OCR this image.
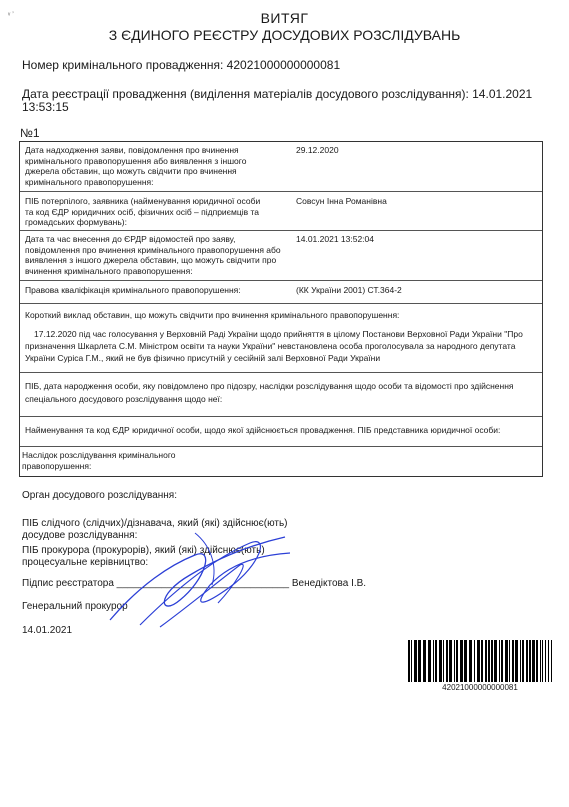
ᵛ ʼ	ВИТЯГ
З ЄДИНОГО РЕЄСТРУ ДОСУДОВИХ РОЗСЛІДУВАНЬ
Номер кримінального провадження: 42021000000000081
Дата реєстрації провадження (виділення матеріалів досудового розслідування): 14.01.2021
13:53:15
№1
Дата надходження заяви, повідомлення про вчинення
кримінального правопорушення або виявлення з іншого
джерела обставин, що можуть свідчити про вчинення
кримінального правопорушення:
29.12.2020
ПІБ потерпілого, заявника (найменування юридичної особи
та код ЄДР юридичних осіб, фізичних осіб – підприємців та
громадських формувань):
Совсун Інна Романівна
Дата та час внесення до ЄРДР відомостей про заяву,
повідомлення про вчинення кримінального правопорушення або
виявлення з іншого джерела обставин, що можуть свідчити про
вчинення кримінального правопорушення:
14.01.2021 13:52:04
Правова кваліфікація кримінального правопорушення:	(КК України 2001) СТ.364-2
Короткий виклад обставин, що можуть свідчити про вчинення кримінального правопорушення:
17.12.2020 під час голосування у Верховній Раді України щодо прийняття в цілому Постанови Верховної Ради України "Про
призначення Шкарлета С.М. Міністром освіти та науки України" невстановлена особа проголосувала за народного депутата
України Суріса Г.М., який не був фізично присутній у сесійній залі Верховної Ради України
ПІБ, дата народження особи, яку повідомлено про підозру, наслідки розслідування щодо особи та відомості про здійснення
спеціального досудового розслідування щодо неї:
Найменування та код ЄДР юридичної особи, щодо якої здійснюється провадження. ПІБ представника юридичної особи:
Наслідок розслідування кримінального
правопорушення:
Орган досудового розслідування:
ПІБ слідчого (слідчих)/дізнавача, який (які) здійснює(ють)
досудове розслідування:
ПІБ прокурора (прокурорів), який (які) здійснює(ють)
процесуальне керівництво:
Підпис реєстратора _______________________________ Венедіктова І.В.
Генеральний прокурор
14.01.2021
42021000000000081
